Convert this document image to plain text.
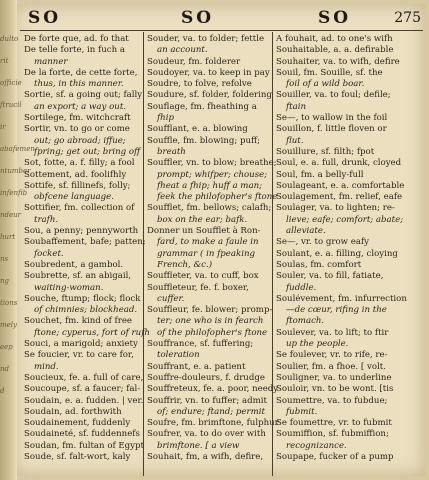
dulto
rit
officie
ftrucil
ir
abafemen
ntumber
infenfib
ndeur
hurt
ns
ng
tions
mely
eep
nd
d
SO	SO	SO	275
De forte que, ad. fo that
De telle forte, in fuch a
manner
De la forte, de cette forte,
thus, in this manner.
Sortie, sf. a going out; fally
an export; a way out.
Sortilege, fm. witchcraft
Sortir, vn. to go or come
out; go abroad; iffue;
fpring; get out; bring off
Sot, fotte, a. f. filly; a fool
Sottement, ad. foolifhly
Sottife, sf. fillinefs, folly;
obfcene language.
Sottifier, fm. collection of
trafh.
Sou, a penny; pennyworth
Soubaffement, bafe; patten;
focket.
Soubredent, a gambol.
Soubrette, sf. an abigail,
waiting-woman.
Souche, ftump; flock; flock
of chimnies; blockhead.
Souchet, fm. kind of free
ftone; cyperus, fort of rufh
Souci, a marigold; anxiety
Se foucier, vr. to care for,
mind.
Soucieux, fe. a. full of care,
Soucoupe, sf. a faucer; fal-
Soudain, e. a. fudden. | ver.
Soudain, ad. forthwith
Soudainement, fuddenly
Soudaineté, sf. fuddennefs
Soudan, fm. fultan of Egypt
Soude, sf. falt-wort, kaly
Souder, va. to folder; fettle
an account.
Soudeur, fm. folderer
Soudoyer, va. to keep in pay
Soudre, to folve, refolve
Soudure, sf. folder, foldering
Souflage, fm. fheathing a
fhip
Soufflant, e. a. blowing
Souffle, fm. blowing; puff;
breath
Souffler, vn. to blow; breathe;
prompt; whifper; chouse;
fheat a fhip; huff a man;
feek the philofopher's ftone
Soufflet, fm. bellows; calafh;
box on the ear; bafk.
Donner un Soufflet à Ron-
fard, to make a faule in
grammar ( in fpeaking
French, &c.)
Souffleter, va. to cuff, box
Souffleteur, fe. f. boxer,
cuffer.
Souffleur, fe. blower; promp-
ter; one who is in fearch
of the philofopher's ftone
Souffrance, sf. fuffering;
toleration
Souffrant, e. a. patient
Souffre-douleurs, f. drudge
Souffreteux, fe. a. poor, needy
Souffrir, vn. to fuffer; admit
of; endure; ftand; permit
Soufre, fm. brimftone, fulphur
Soufrer, va. to do over with
brimftone. [ a view
Souhait, fm, a wifh, defire,
A fouhait, ad. to one's wifh
Souhaitable, a. a. defirable
Souhaiter, va. to wifh, defire
Souil, fm. Souille, sf. the
foil of a wild boar.
Souiller, va. to foul; defile;
ftain
Se—, to wallow in the foil
Souillon, f. little floven or
flut.
Souillure, sf. filth; fpot
Soul, e. a. full, drunk, cloyed
Soul, fm. a belly-full
Soulageant, e. a. comfortable
Soulagement, fm. relief, eafe
Soulager, va. to lighten; re-
lieve; eafe; comfort; abate;
alleviate.
Se—, vr. to grow eafy
Soulant, e. a. filling, cloying
Soulas, fm. comfort
Souler, va. to fill, fatiate,
fuddle.
Soulévement, fm. infurrection
—de cœur, rifing in the
ftomach.
Soulever, va. to lift; to ftir
up the people.
Se foulever, vr. to rife, re-
Soulier, fm. a fhoe. [ volt.
Souligner, va. to underline
Souloir, vn. to be wont. [tis
Soumettre, va. to fubdue;
fubmit.
Se foumettre, vr. to fubmit
Soumiffion, sf. fubmiffion;
recognizance.
Soupape, fucker of a pump
